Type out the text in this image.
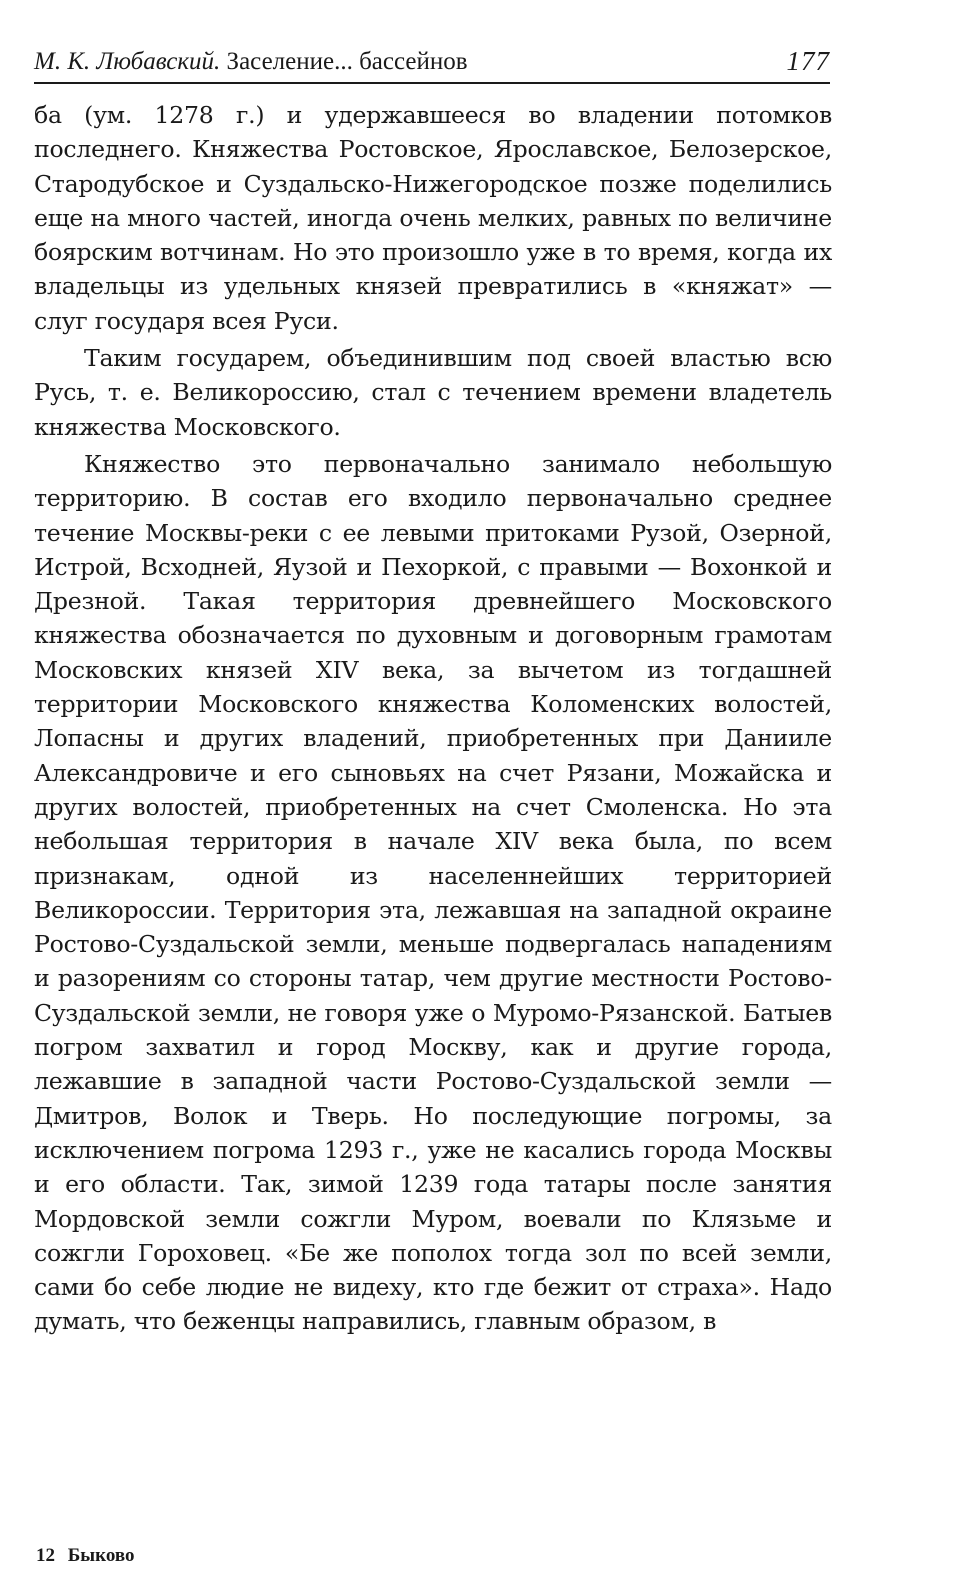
М. К. Любавский. Заселение... бассейнов	177

ба (ум. 1278 г.) и удержавшееся во владении потомков последнего. Княжества Ростовское, Ярославское, Белозерское, Стародубское и Суздальско-Нижегородское позже поделились еще на много частей, иногда очень мелких, равных по величине боярским вотчинам. Но это произошло уже в то время, когда их владельцы из удельных князей превратились в «княжат» — слуг государя всея Руси.

Таким государем, объединившим под своей властью всю Русь, т. е. Великороссию, стал с течением времени владетель княжества Московского.

Княжество это первоначально занимало небольшую территорию. В состав его входило первоначально среднее течение Москвы-реки с ее левыми притоками Рузой, Озерной, Истрой, Всходней, Яузой и Пехоркой, с правыми — Вохонкой и Дрезной. Такая территория древнейшего Московского княжества обозначается по духовным и договорным грамотам Московских князей XIV века, за вычетом из тогдашней территории Московского княжества Коломенских волостей, Лопасны и других владений, приобретенных при Данииле Александровиче и его сыновьях на счет Рязани, Можайска и других волостей, приобретенных на счет Смоленска. Но эта небольшая территория в начале XIV века была, по всем признакам, одной из населеннейших территорией Великороссии. Территория эта, лежавшая на западной окраине Ростово-Суздальской земли, меньше подвергалась нападениям и разорениям со стороны татар, чем другие местности Ростово-Суздальской земли, не говоря уже о Муромо-Рязанской. Батыев погром захватил и город Москву, как и другие города, лежавшие в западной части Ростово-Суздальской земли — Дмитров, Волок и Тверь. Но последующие погромы, за исключением погрома 1293 г., уже не касались города Москвы и его области. Так, зимой 1239 года татары после занятия Мордовской земли сожгли Муром, воевали по Клязьме и сожгли Гороховец. «Бе же пополох тогда зол по всей земли, сами бо себе людие не видеху, кто где бежит от страха». Надо думать, что беженцы направились, главным образом, в

12 Быково
